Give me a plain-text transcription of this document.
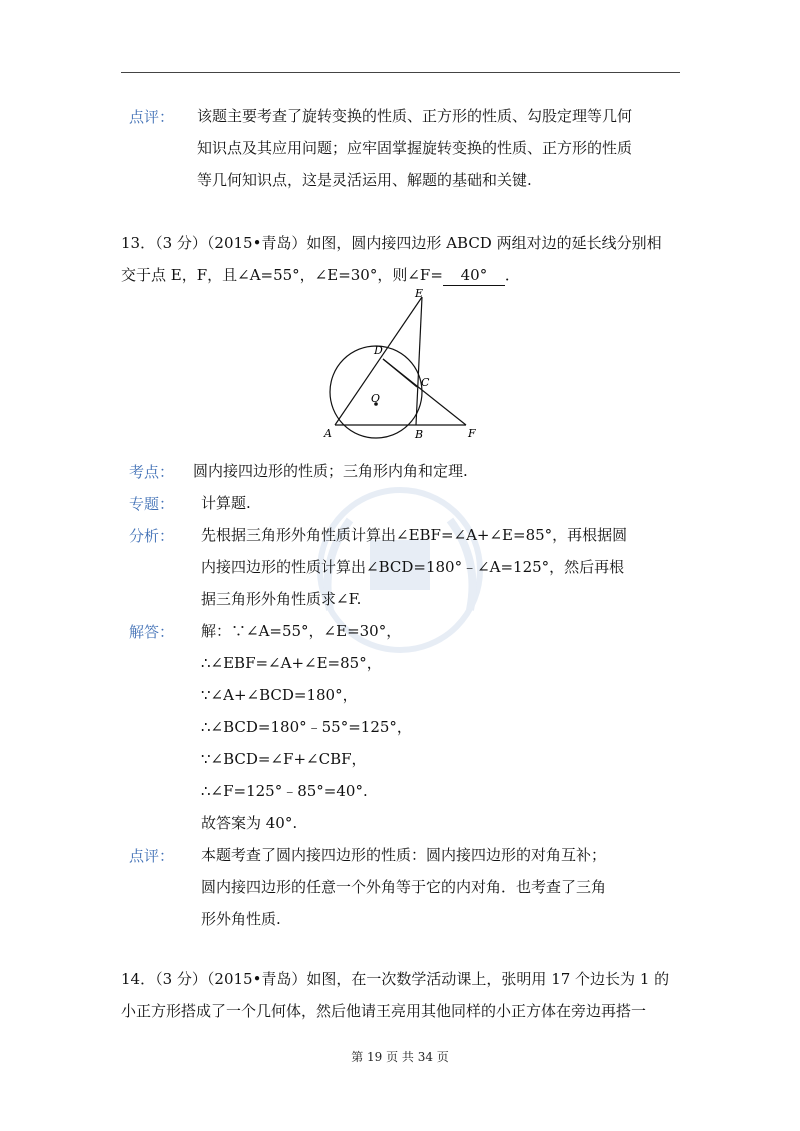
点评： 该题主要考查了旋转变换的性质、正方形的性质、勾股定理等几何
知识点及其应用问题；应牢固掌握旋转变换的性质、正方形的性质
等几何知识点，这是灵活运用、解题的基础和关键.
13．（3 分）（2015•青岛）如图，圆内接四边形 ABCD 两组对边的延长线分别相
交于点 E，F，且∠A=55°，∠E=30°，则∠F= 40° ．
E
D
C
O
A	B	F
考点： 圆内接四边形的性质；三角形内角和定理.
专题： 计算题.
分析： 先根据三角形外角性质计算出∠EBF=∠A+∠E=85°，再根据圆
内接四边形的性质计算出∠BCD=180°﹣∠A=125°，然后再根
据三角形外角性质求∠F.
解答： 解：∵∠A=55°，∠E=30°，
∴∠EBF=∠A+∠E=85°，
∵∠A+∠BCD=180°，
∴∠BCD=180°﹣55°=125°，
∵∠BCD=∠F+∠CBF，
∴∠F=125°﹣85°=40°.
故答案为 40°.
点评： 本题考查了圆内接四边形的性质：圆内接四边形的对角互补；
圆内接四边形的任意一个外角等于它的内对角．也考查了三角
形外角性质.
14．（3 分）（2015•青岛）如图，在一次数学活动课上，张明用 17 个边长为 1 的
小正方形搭成了一个几何体，然后他请王亮用其他同样的小正方体在旁边再搭一
第 19 页 共 34 页
